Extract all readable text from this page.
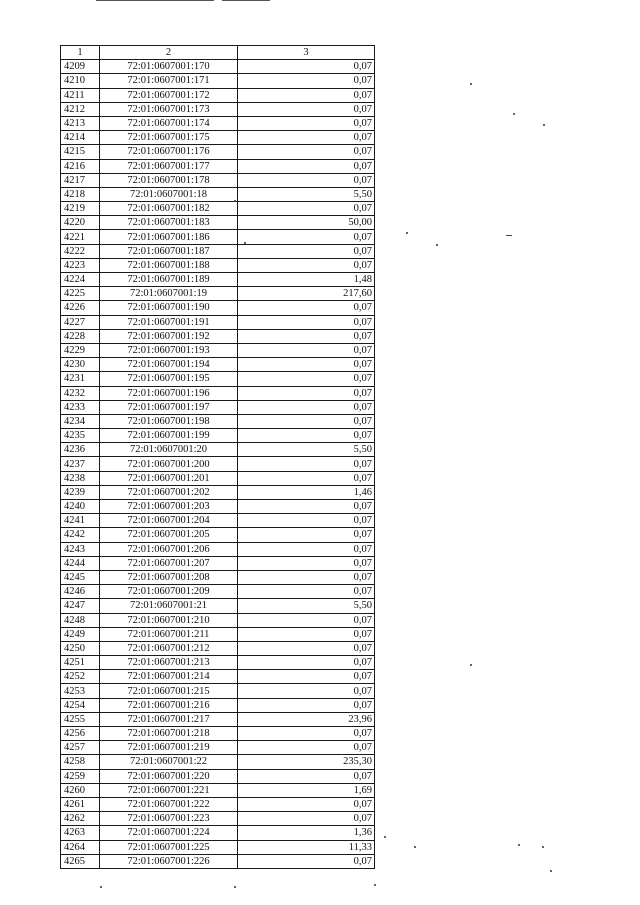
1	2	3
4209	72:01:0607001:170	0,07
4210	72:01:0607001:171	0,07
4211	72:01:0607001:172	0,07
4212	72:01:0607001:173	0,07
4213	72:01:0607001:174	0,07
4214	72:01:0607001:175	0,07
4215	72:01:0607001:176	0,07
4216	72:01:0607001:177	0,07
4217	72:01:0607001:178	0,07
4218	72:01:0607001:18	5,50
4219	72:01:0607001:182	0,07
4220	72:01:0607001:183	50,00
4221	72:01:0607001:186	0,07
4222	72:01:0607001:187	0,07
4223	72:01:0607001:188	0,07
4224	72:01:0607001:189	1,48
4225	72:01:0607001:19	217,60
4226	72:01:0607001:190	0,07
4227	72:01:0607001:191	0,07
4228	72:01:0607001:192	0,07
4229	72:01:0607001:193	0,07
4230	72:01:0607001:194	0,07
4231	72:01:0607001:195	0,07
4232	72:01:0607001:196	0,07
4233	72:01:0607001:197	0,07
4234	72:01:0607001:198	0,07
4235	72:01:0607001:199	0,07
4236	72:01:0607001:20	5,50
4237	72:01:0607001:200	0,07
4238	72:01:0607001:201	0,07
4239	72:01:0607001:202	1,46
4240	72:01:0607001:203	0,07
4241	72:01:0607001:204	0,07
4242	72:01:0607001:205	0,07
4243	72:01:0607001:206	0,07
4244	72:01:0607001:207	0,07
4245	72:01:0607001:208	0,07
4246	72:01:0607001:209	0,07
4247	72:01:0607001:21	5,50
4248	72:01:0607001:210	0,07
4249	72:01:0607001:211	0,07
4250	72:01:0607001:212	0,07
4251	72:01:0607001:213	0,07
4252	72:01:0607001:214	0,07
4253	72:01:0607001:215	0,07
4254	72:01:0607001:216	0,07
4255	72:01:0607001:217	23,96
4256	72:01:0607001:218	0,07
4257	72:01:0607001:219	0,07
4258	72:01:0607001:22	235,30
4259	72:01:0607001:220	0,07
4260	72:01:0607001:221	1,69
4261	72:01:0607001:222	0,07
4262	72:01:0607001:223	0,07
4263	72:01:0607001:224	1,36
4264	72:01:0607001:225	11,33
4265	72:01:0607001:226	0,07
